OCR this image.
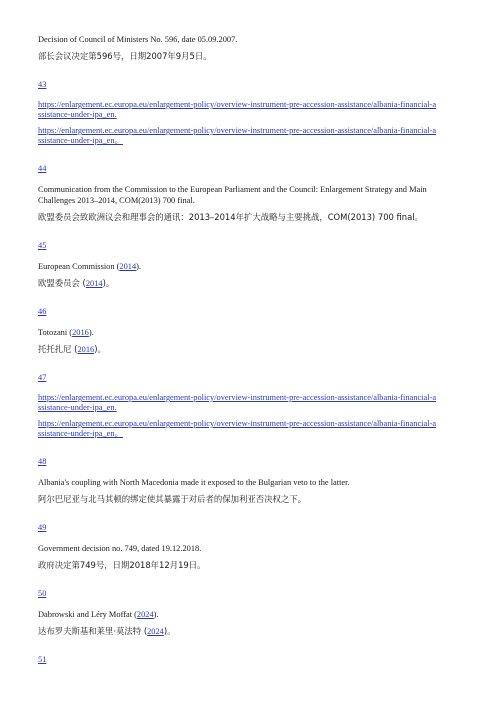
Decision of Council of Ministers No. 596, date 05.09.2007.

部长会议决定第596号，日期2007年9月5日。

43

https://enlargement.ec.europa.eu/enlargement-policy/overview-instrument-pre-accession-assistance/albania-financial-assistance-under-ipa_en.

https://enlargement.ec.europa.eu/enlargement-policy/overview-instrument-pre-accession-assistance/albania-financial-assistance-under-ipa_en。

44

Communication from the Commission to the European Parliament and the Council: Enlargement Strategy and Main Challenges 2013–2014, COM(2013) 700 final.

欧盟委员会致欧洲议会和理事会的通讯：2013–2014年扩大战略与主要挑战，COM(2013) 700 final。

45

European Commission (2014).

欧盟委员会 (2014)。

46

Totozani (2016).

托托扎尼 (2016)。

47

https://enlargement.ec.europa.eu/enlargement-policy/overview-instrument-pre-accession-assistance/albania-financial-assistance-under-ipa_en.

https://enlargement.ec.europa.eu/enlargement-policy/overview-instrument-pre-accession-assistance/albania-financial-assistance-under-ipa_en。

48

Albania's coupling with North Macedonia made it exposed to the Bulgarian veto to the latter.

阿尔巴尼亚与北马其顿的绑定使其暴露于对后者的保加利亚否决权之下。

49

Government decision no. 749, dated 19.12.2018.

政府决定第749号，日期2018年12月19日。

50

Dabrowski and Léry Moffat (2024).

达布罗夫斯基和莱里·莫法特 (2024)。

51
